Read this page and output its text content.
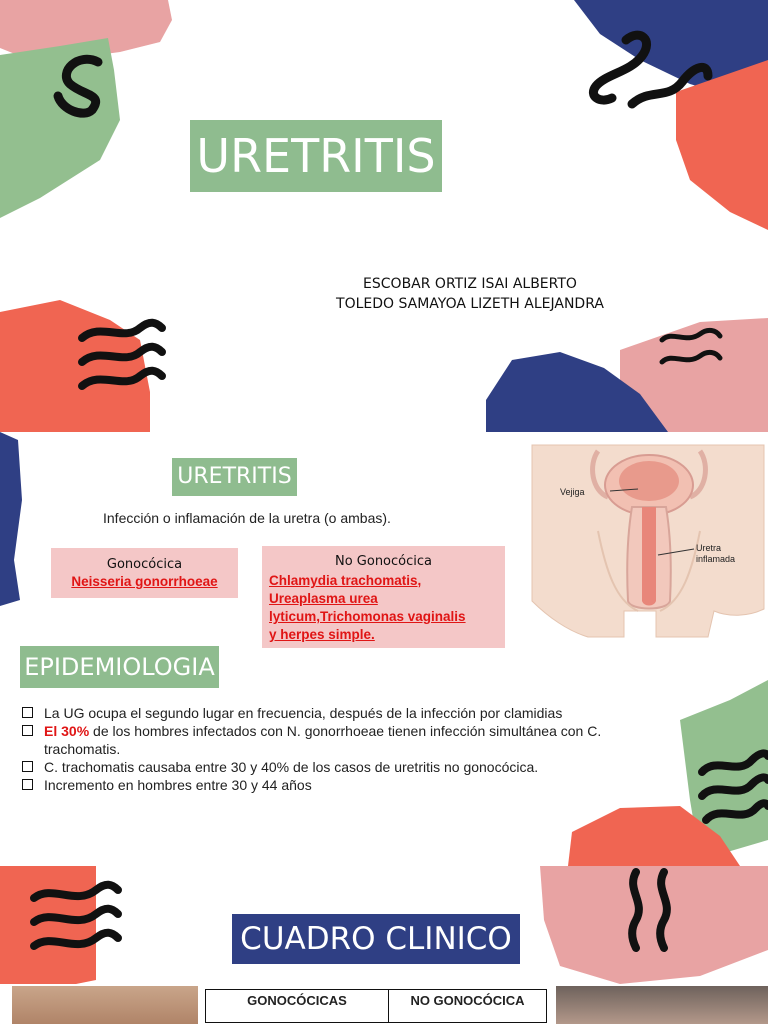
URETRITIS
ESCOBAR ORTIZ ISAI ALBERTO
TOLEDO SAMAYOA LIZETH ALEJANDRA
URETRITIS
Infección o inflamación de la uretra (o ambas).
Gonocócica
Neisseria gonorrhoeae
No Gonocócica
Chlamydia trachomatis,
Ureaplasma urea
lyticum,Trichomonas vaginalis
y herpes simple.
Vejiga
Uretra
inflamada
EPIDEMIOLOGIA
La UG ocupa el segundo lugar en frecuencia, después de la infección por clamidias
El 30% de los hombres infectados con N. gonorrhoeae tienen infección simultánea con C. trachomatis.
C. trachomatis causaba entre 30 y 40% de los casos de uretritis no gonocócica.
Incremento en hombres entre 30 y 44 años
CUADRO CLINICO
GONOCÓCICAS	NO GONOCÓCICA
